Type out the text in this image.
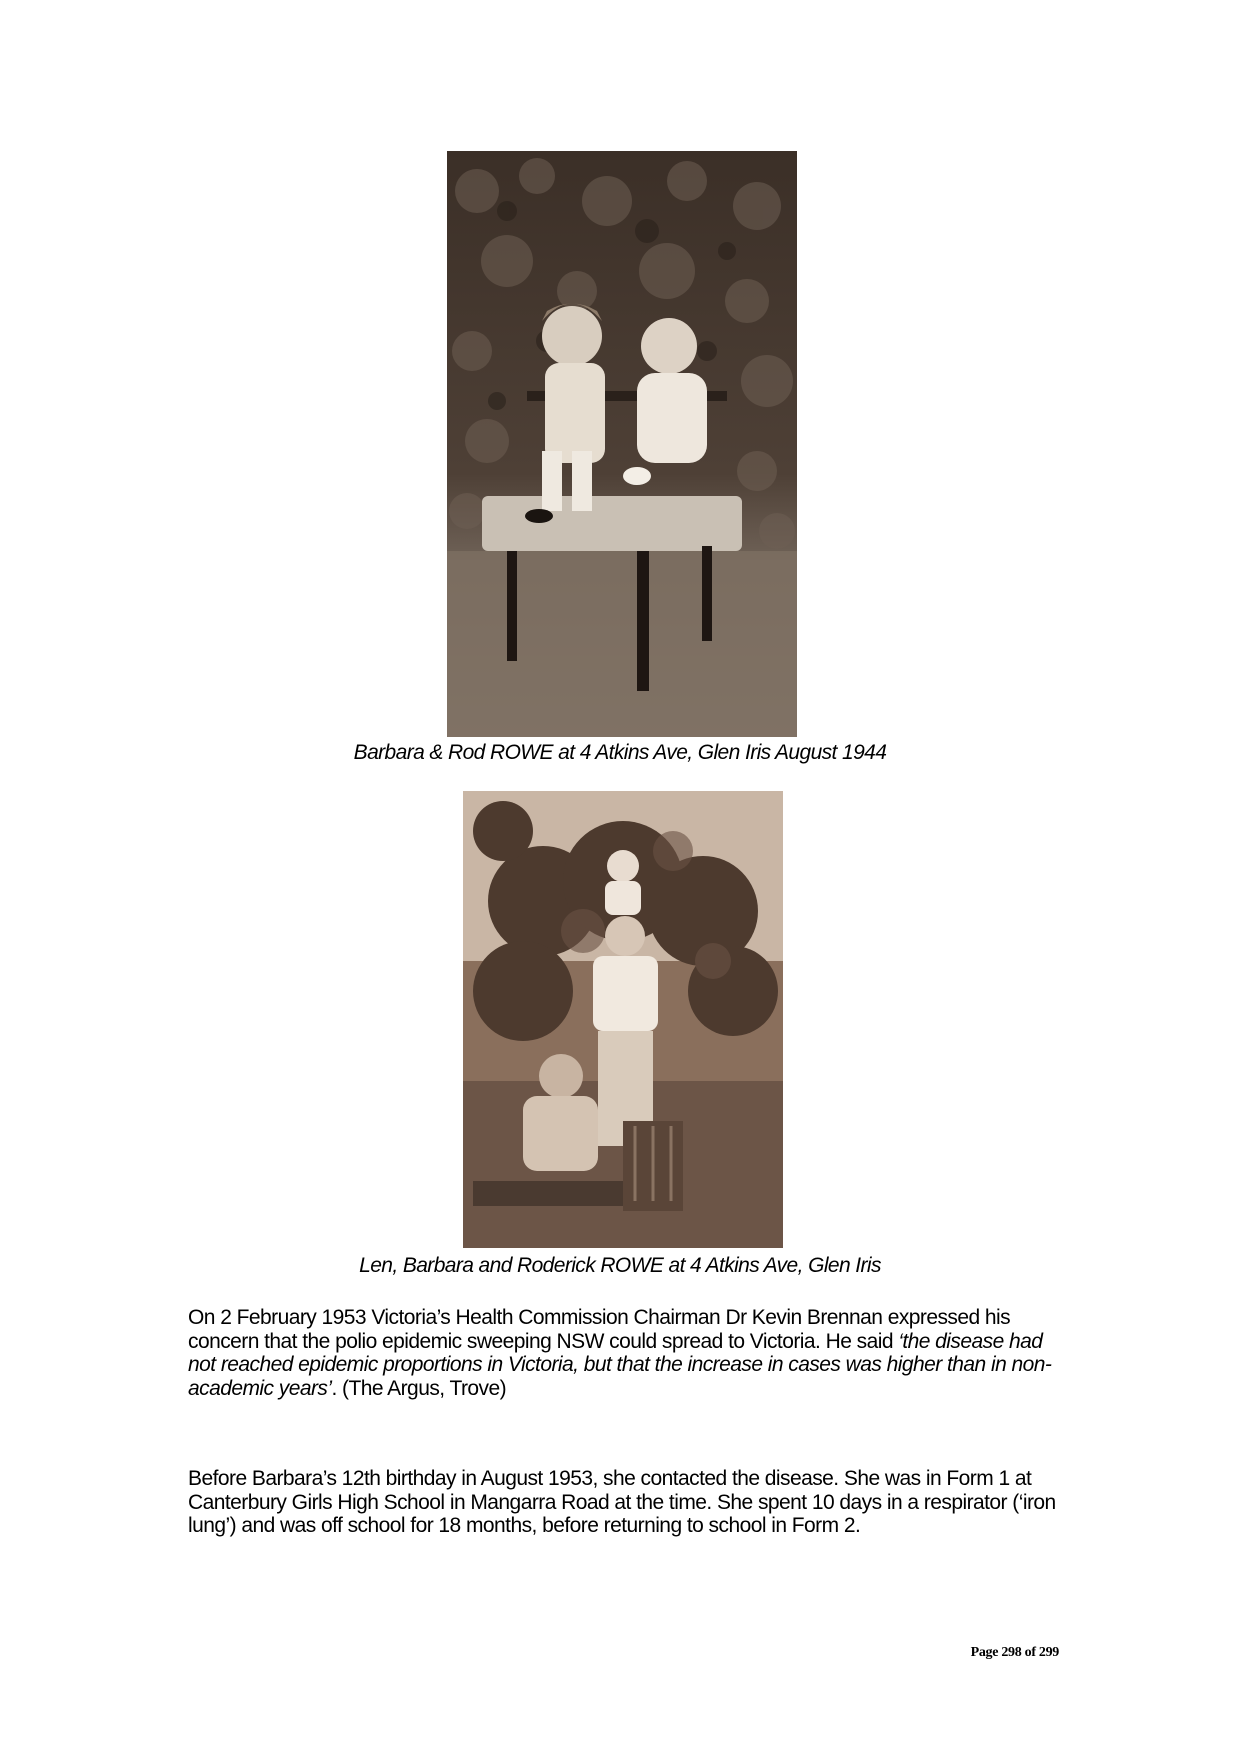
Barbara & Rod ROWE at 4 Atkins Ave, Glen Iris August 1944
Len, Barbara and Roderick ROWE at 4 Atkins Ave, Glen Iris

On 2 February 1953 Victoria’s Health Commission Chairman Dr Kevin Brennan expressed his concern that the polio epidemic sweeping NSW could spread to Victoria. He said ‘the disease had not reached epidemic proportions in Victoria, but that the increase in cases was higher than in non-academic years’. (The Argus, Trove)

Before Barbara’s 12th birthday in August 1953, she contacted the disease. She was in Form 1 at Canterbury Girls High School in Mangarra Road at the time. She spent 10 days in a respirator (‘iron lung’) and was off school for 18 months, before returning to school in Form 2.

Page 298 of 299
